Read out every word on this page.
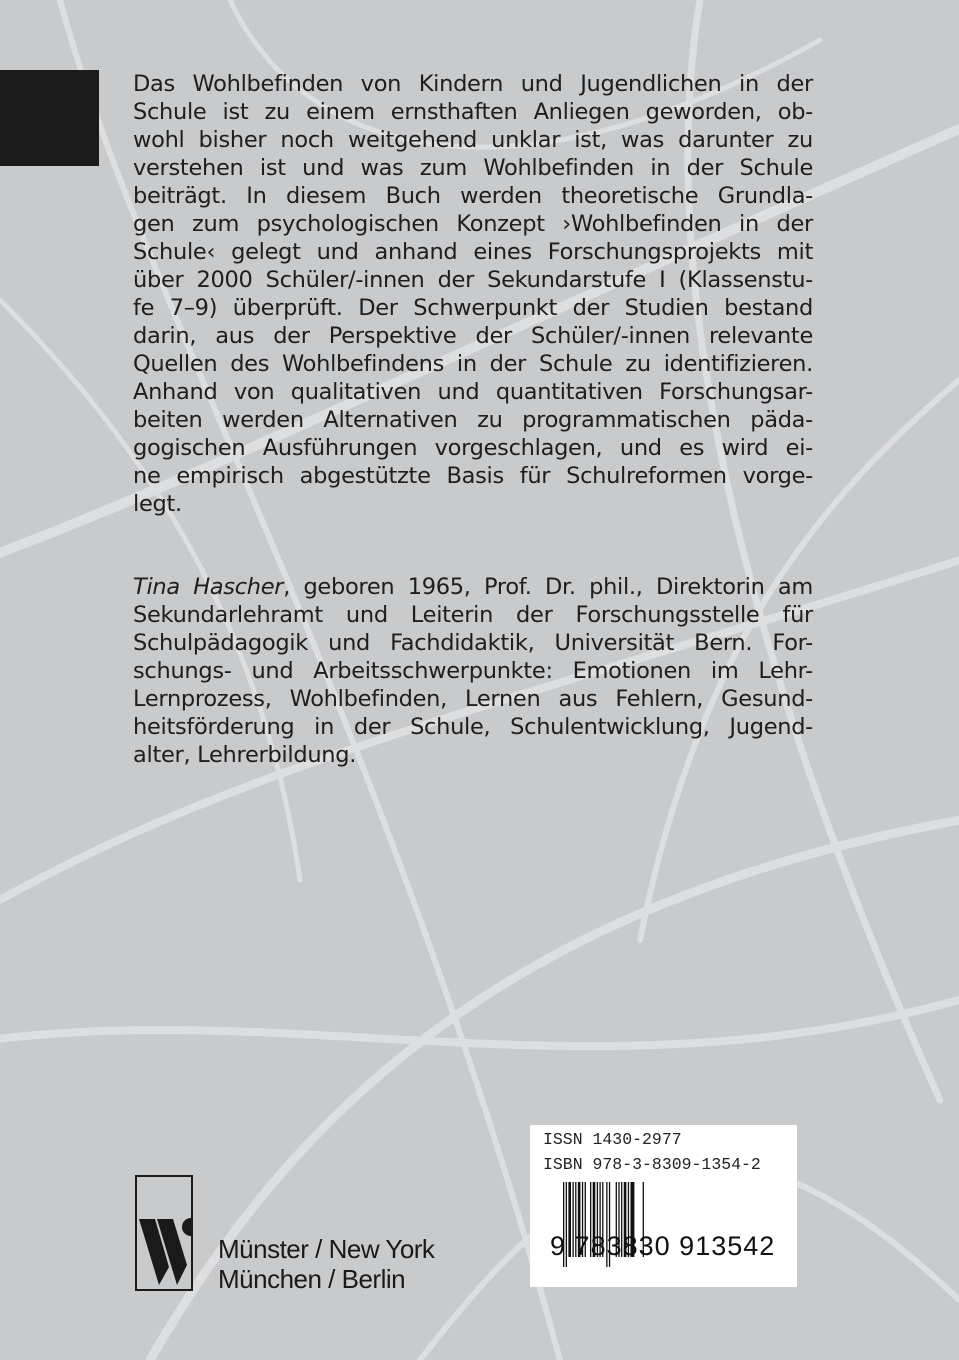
Das Wohlbefinden von Kindern und Jugendlichen in der
Schule ist zu einem ernsthaften Anliegen geworden, ob-
wohl bisher noch weitgehend unklar ist, was darunter zu
verstehen ist und was zum Wohlbefinden in der Schule
beiträgt. In diesem Buch werden theoretische Grundla-
gen zum psychologischen Konzept ›Wohlbefinden in der
Schule‹ gelegt und anhand eines Forschungsprojekts mit
über 2000 Schüler/-innen der Sekundarstufe I (Klassenstu-
fe 7–9) überprüft. Der Schwerpunkt der Studien bestand
darin, aus der Perspektive der Schüler/-innen relevante
Quellen des Wohlbefindens in der Schule zu identifizieren.
Anhand von qualitativen und quantitativen Forschungsar-
beiten werden Alternativen zu programmatischen päda-
gogischen Ausführungen vorgeschlagen, und es wird ei-
ne empirisch abgestützte Basis für Schulreformen vorge-
legt.
Tina Hascher, geboren 1965, Prof. Dr. phil., Direktorin am
Sekundarlehramt und Leiterin der Forschungsstelle für
Schulpädagogik und Fachdidaktik, Universität Bern. For-
schungs- und Arbeitsschwerpunkte: Emotionen im Lehr-
Lernprozess, Wohlbefinden, Lernen aus Fehlern, Gesund-
heitsförderung in der Schule, Schulentwicklung, Jugend-
alter, Lehrerbildung.
Münster / New York
München / Berlin
ISSN 1430-2977
ISBN 978-3-8309-1354-2
9 783830 913542
